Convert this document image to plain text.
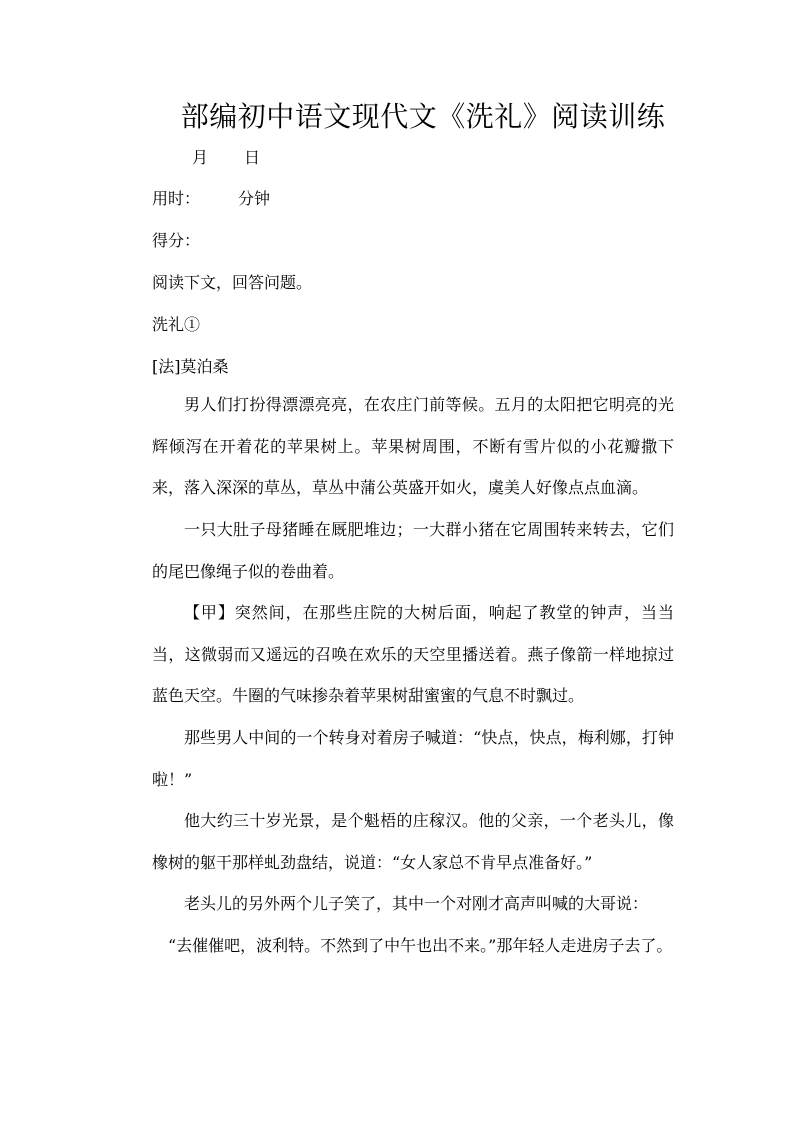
部编初中语文现代文《洗礼》阅读训练
月 日
用时： 分钟
得分：
阅读下文，回答问题。
洗礼①
[法]莫泊桑

男人们打扮得漂漂亮亮，在农庄门前等候。五月的太阳把它明亮的光辉倾泻在开着花的苹果树上。苹果树周围，不断有雪片似的小花瓣撒下来，落入深深的草丛，草丛中蒲公英盛开如火，虞美人好像点点血滴。

一只大肚子母猪睡在厩肥堆边；一大群小猪在它周围转来转去，它们的尾巴像绳子似的卷曲着。

【甲】突然间，在那些庄院的大树后面，响起了教堂的钟声，当当当，这微弱而又遥远的召唤在欢乐的天空里播送着。燕子像箭一样地掠过蓝色天空。牛圈的气味掺杂着苹果树甜蜜蜜的气息不时飘过。

那些男人中间的一个转身对着房子喊道：“快点，快点，梅利娜，打钟啦！”

他大约三十岁光景，是个魁梧的庄稼汉。他的父亲，一个老头儿，像橡树的躯干那样虬劲盘结，说道：“女人家总不肯早点准备好。”

老头儿的另外两个儿子笑了，其中一个对刚才高声叫喊的大哥说：

“去催催吧，波利特。不然到了中午也出不来。”那年轻人走进房子去了。
